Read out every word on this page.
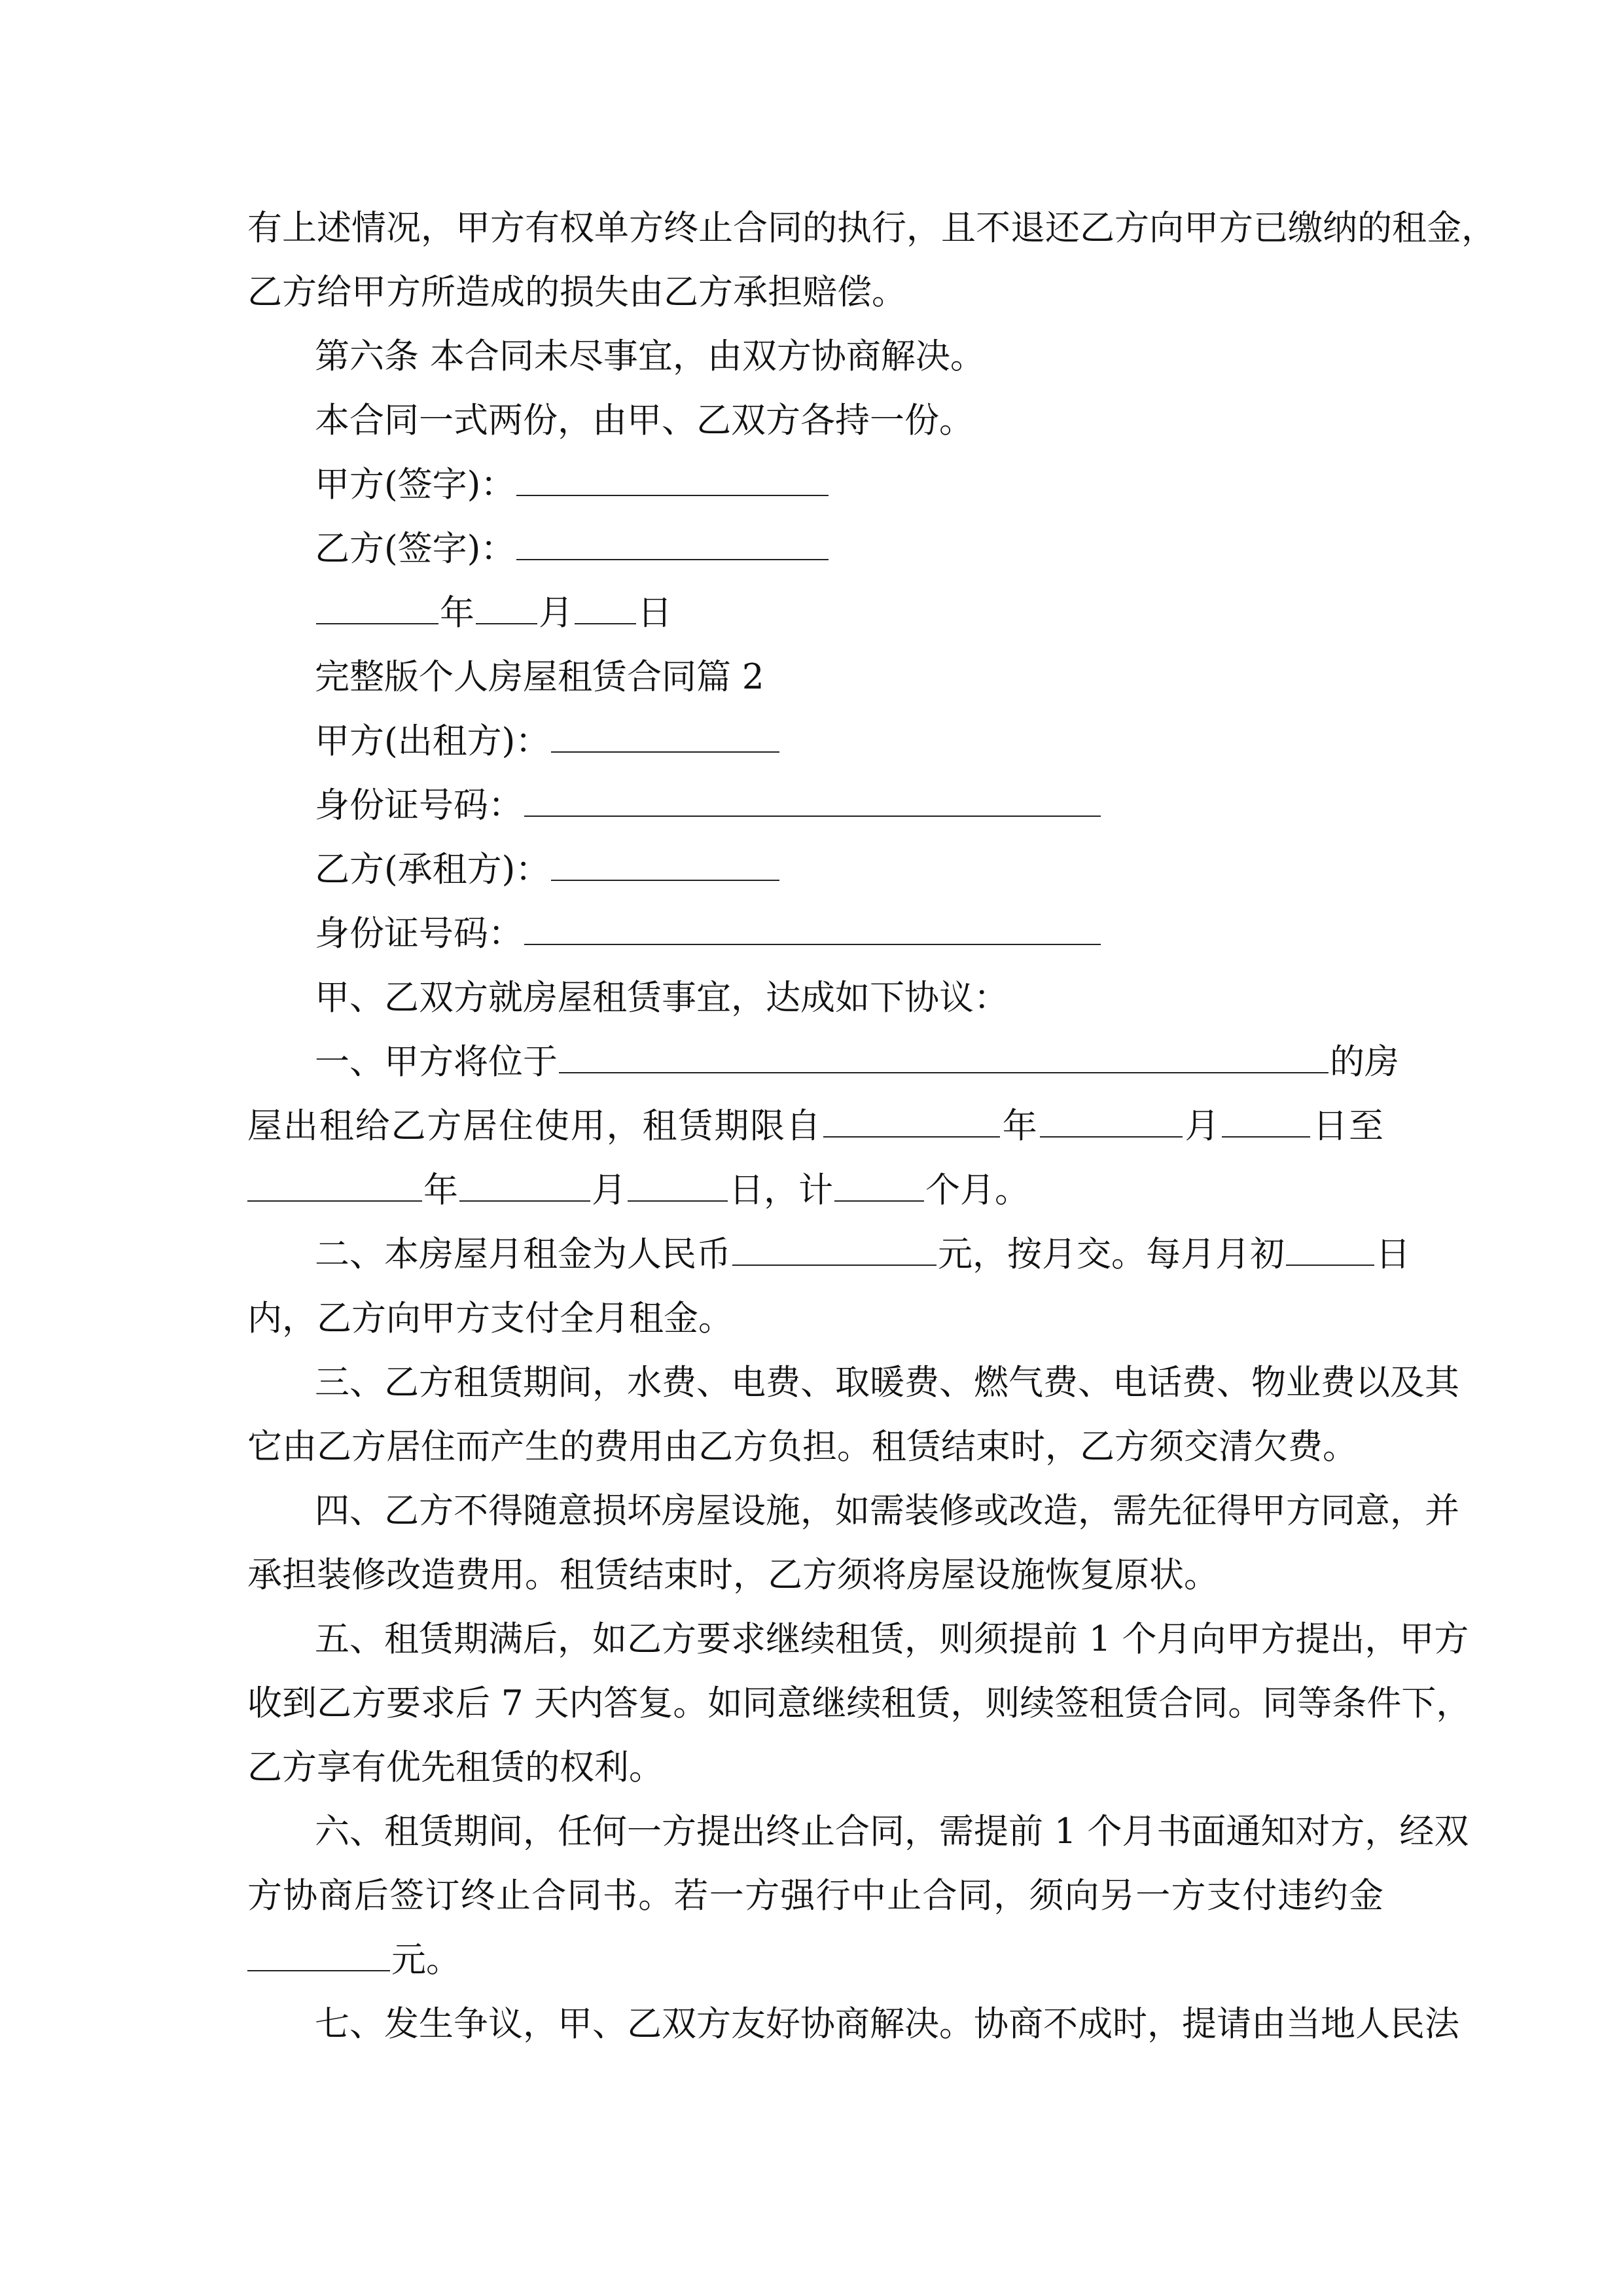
有上述情况，甲方有权单方终止合同的执行，且不退还乙方向甲方已缴纳的租金，
乙方给甲方所造成的损失由乙方承担赔偿。
第六条 本合同未尽事宜，由双方协商解决。
本合同一式两份，由甲、乙双方各持一份。
甲方(签字)：
乙方(签字)：
年 月 日
完整版个人房屋租赁合同篇 2
甲方(出租方)：
身份证号码：
乙方(承租方)：
身份证号码：
甲、乙双方就房屋租赁事宜，达成如下协议：
一、甲方将位于	的房
屋出租给乙方居住使用，租赁期限自	年	月	日至
年	月	日，计	个月。
二、本房屋月租金为人民币	元，按月交。每月月初	日
内，乙方向甲方支付全月租金。
三、乙方租赁期间，水费、电费、取暖费、燃气费、电话费、物业费以及其
它由乙方居住而产生的费用由乙方负担。租赁结束时，乙方须交清欠费。
四、乙方不得随意损坏房屋设施，如需装修或改造，需先征得甲方同意，并
承担装修改造费用。租赁结束时，乙方须将房屋设施恢复原状。
五、租赁期满后，如乙方要求继续租赁，则须提前 1 个月向甲方提出，甲方
收到乙方要求后 7 天内答复。如同意继续租赁，则续签租赁合同。同等条件下，
乙方享有优先租赁的权利。
六、租赁期间，任何一方提出终止合同，需提前 1 个月书面通知对方，经双
方协商后签订终止合同书。若一方强行中止合同，须向另一方支付违约金
元。
七、发生争议，甲、乙双方友好协商解决。协商不成时，提请由当地人民法
